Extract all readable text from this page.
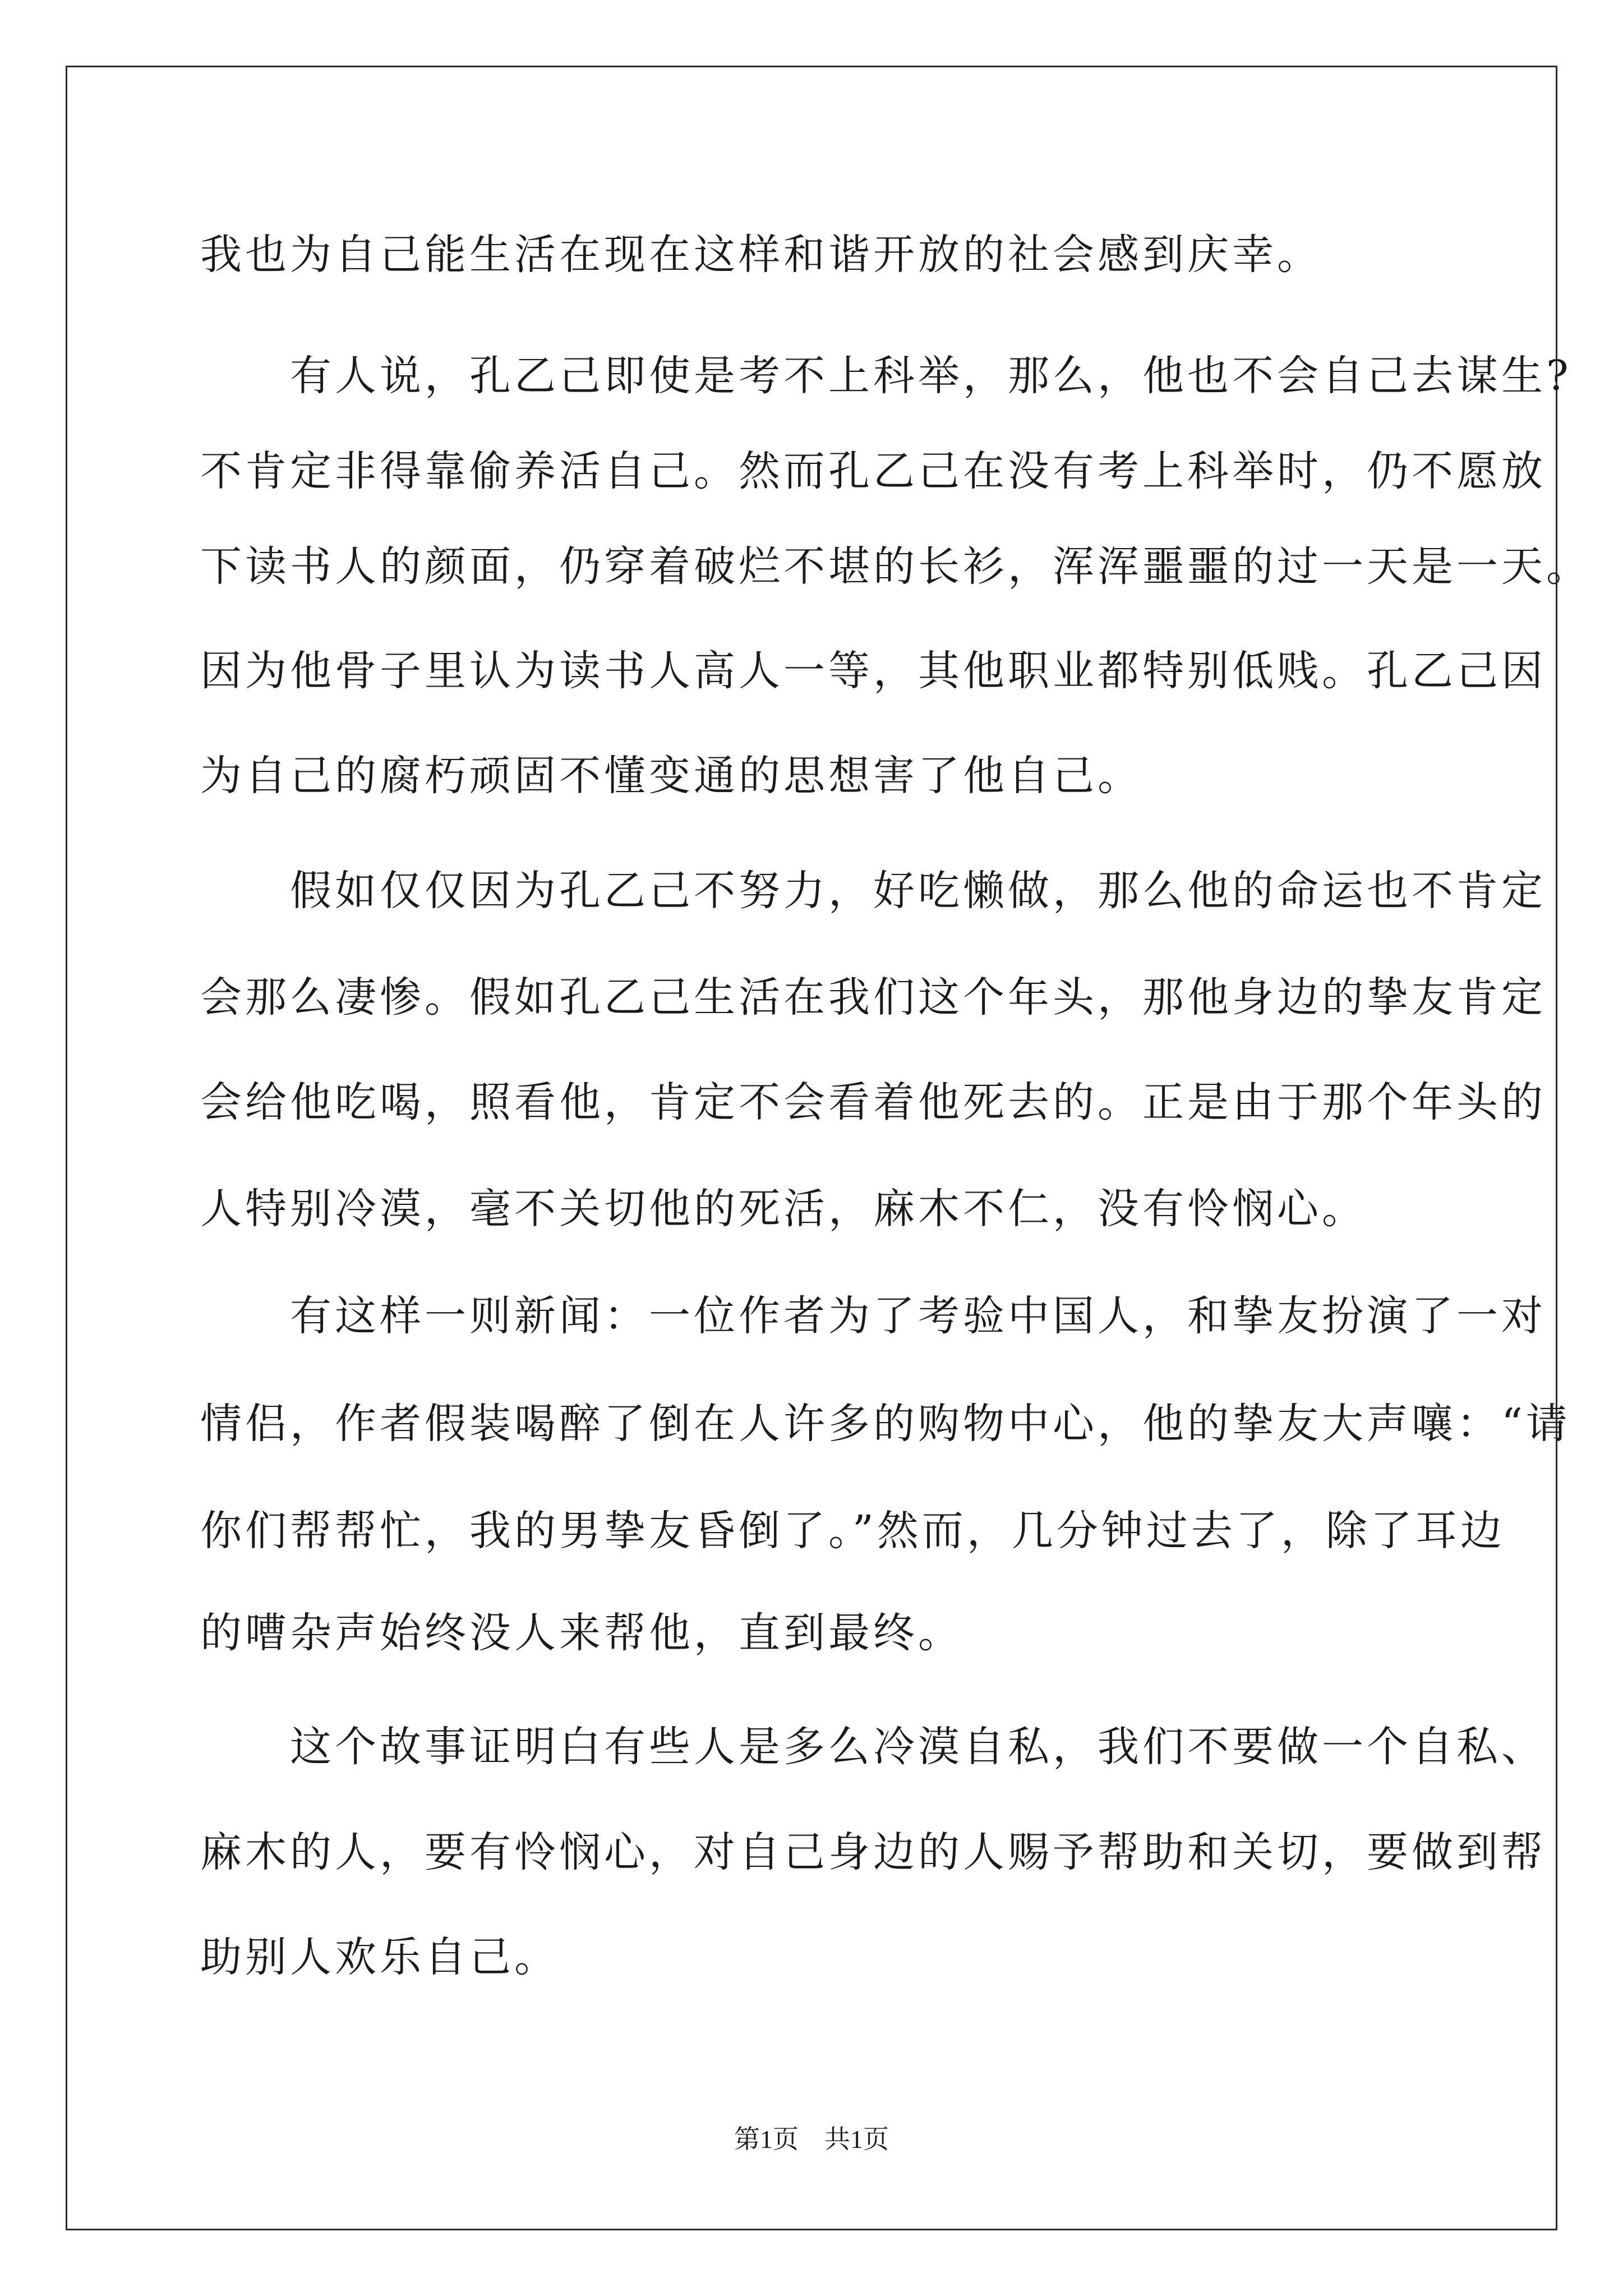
我也为自己能生活在现在这样和谐开放的社会感到庆幸。

　　有人说，孔乙己即使是考不上科举，那么，他也不会自己去谋生?

不肯定非得靠偷养活自己。然而孔乙己在没有考上科举时，仍不愿放

下读书人的颜面，仍穿着破烂不堪的长衫，浑浑噩噩的过一天是一天。

因为他骨子里认为读书人高人一等，其他职业都特别低贱。孔乙己因

为自己的腐朽顽固不懂变通的思想害了他自己。

　　假如仅仅因为孔乙己不努力，好吃懒做，那么他的命运也不肯定

会那么凄惨。假如孔乙己生活在我们这个年头，那他身边的挚友肯定

会给他吃喝，照看他，肯定不会看着他死去的。正是由于那个年头的

人特别冷漠，毫不关切他的死活，麻木不仁，没有怜悯心。

　　有这样一则新闻：一位作者为了考验中国人，和挚友扮演了一对

情侣，作者假装喝醉了倒在人许多的购物中心，他的挚友大声嚷：“请

你们帮帮忙，我的男挚友昏倒了。”然而，几分钟过去了，除了耳边

的嘈杂声始终没人来帮他，直到最终。

　　这个故事证明白有些人是多么冷漠自私，我们不要做一个自私、

麻木的人，要有怜悯心，对自己身边的人赐予帮助和关切，要做到帮

助别人欢乐自己。

第1页　共1页
